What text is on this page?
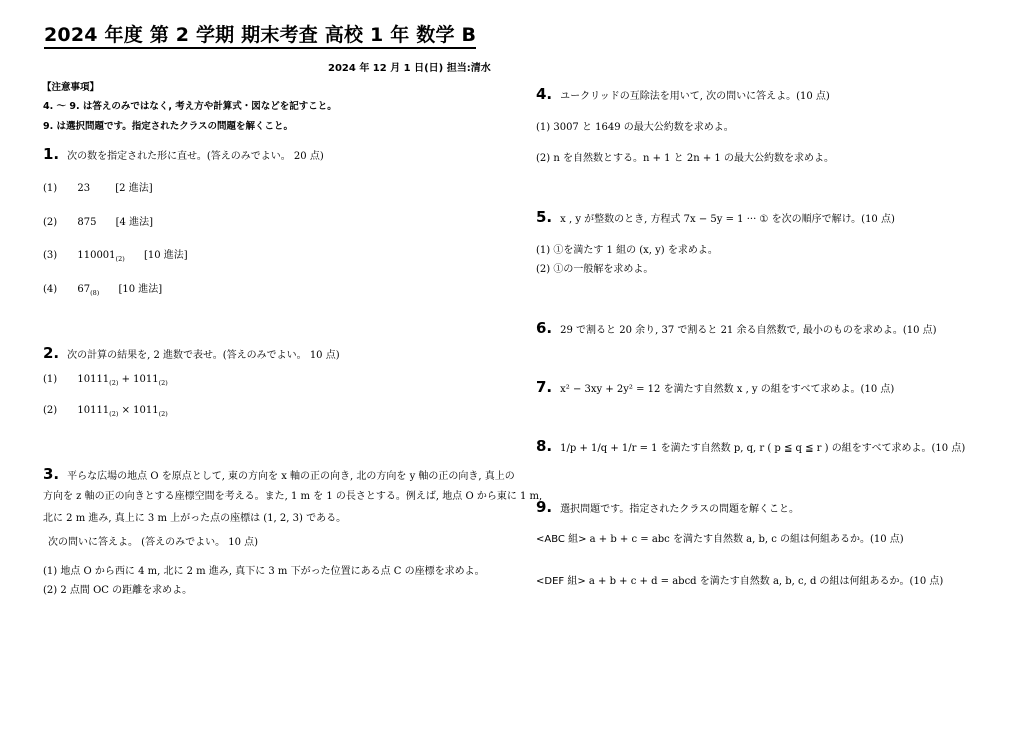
2024 年度 第 2 学期 期末考査 高校 1 年 数学 B
2024 年 12 月 1 日(日) 担当:清水
【注意事項】
4. ～ 9. は答えのみではなく, 考え方や計算式・図などを記すこと。
9. は選択問題です。指定されたクラスの問題を解くこと。
1. 次の数を指定された形に直せ。(答えのみでよい。 20 点)
(1) 23	[2 進法]
(2) 875 [4 進法]
(3) $110001_{(2)}$ [10 進法]
(4) $67_{(8)}$ [10 進法]
2. 次の計算の結果を, 2 進数で表せ。(答えのみでよい。 10 点)
(1) $10111_{(2)} + 1011_{(2)}$
(2) $10111_{(2)} \times 1011_{(2)}$
3. 平らな広場の地点 O を原点として, 東の方向を x 軸の正の向き, 北の方向を y 軸の正の向き, 真上の
方向を z 軸の正の向きとする座標空間を考える。また, 1 m を 1 の長さとする。例えば, 地点 O から東に 1 m,
北に 2 m 進み, 真上に 3 m 上がった点の座標は (1, 2, 3) である。
次の問いに答えよ。 (答えのみでよい。 10 点)
(1) 地点 O から西に 4 m, 北に 2 m 進み, 真下に 3 m 下がった位置にある点 C の座標を求めよ。
(2) 2 点間 OC の距離を求めよ。
4. ユークリッドの互除法を用いて, 次の問いに答えよ。(10 点)
(1) 3007 と 1649 の最大公約数を求めよ。
(2) n を自然数とする。n + 1 と 2n + 1 の最大公約数を求めよ。
5. x , y が整数のとき, 方程式 7x − 5y = 1 ··· ① を次の順序で解け。(10 点)
(1) ①を満たす 1 組の (x, y) を求めよ。
(2) ①の一般解を求めよ。
6. 29 で割ると 20 余り, 37 で割ると 21 余る自然数で, 最小のものを求めよ。(10 点)
7. x² − 3xy + 2y² = 12 を満たす自然数 x , y の組をすべて求めよ。(10 点)
8. 1/p + 1/q + 1/r = 1 を満たす自然数 p, q, r ( p ≦ q ≦ r ) の組をすべて求めよ。(10 点)
9. 選択問題です。指定されたクラスの問題を解くこと。
<ABC 組> a + b + c = abc を満たす自然数 a, b, c の組は何組あるか。(10 点)
<DEF 組> a + b + c + d = abcd を満たす自然数 a, b, c, d の組は何組あるか。(10 点)
